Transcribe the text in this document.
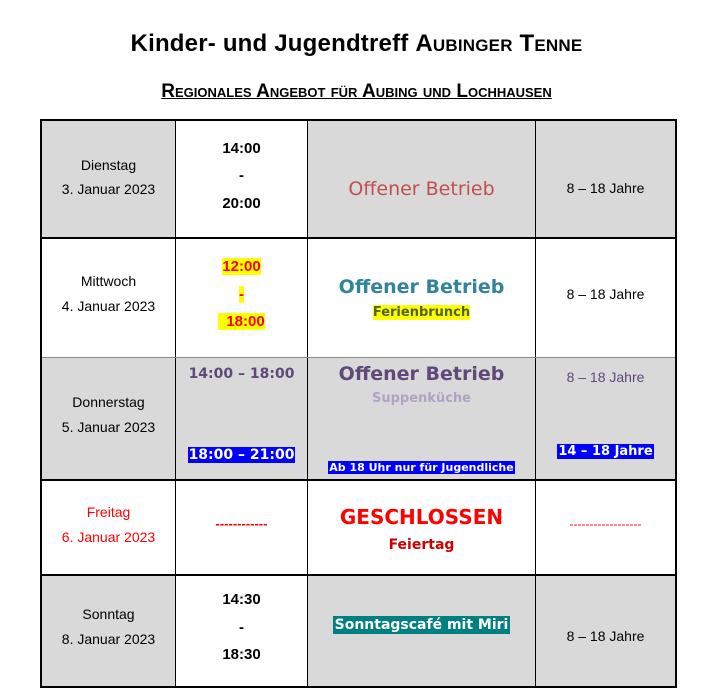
Kinder- und Jugendtreff Aubinger Tenne
Regionales Angebot für Aubing und Lochhausen
Dienstag
3. Januar 2023
14:00
-
20:00
Offener Betrieb	8 – 18 Jahre
Mittwoch
4. Januar 2023
12:00
-
18:00
Offener Betrieb
Ferienbrunch
8 – 18 Jahre
Donnerstag
5. Januar 2023
14:00 – 18:00
18:00 – 21:00
Offener Betrieb
Suppenküche
Ab 18 Uhr nur für Jugendliche
8 – 18 Jahre
14 – 18 Jahre
Freitag
6. Januar 2023
------------	GESCHLOSSEN
Feiertag
------------------
Sonntag
8. Januar 2023
14:30
-
18:30
Sonntagscafé mit Miri
8 – 18 Jahre
